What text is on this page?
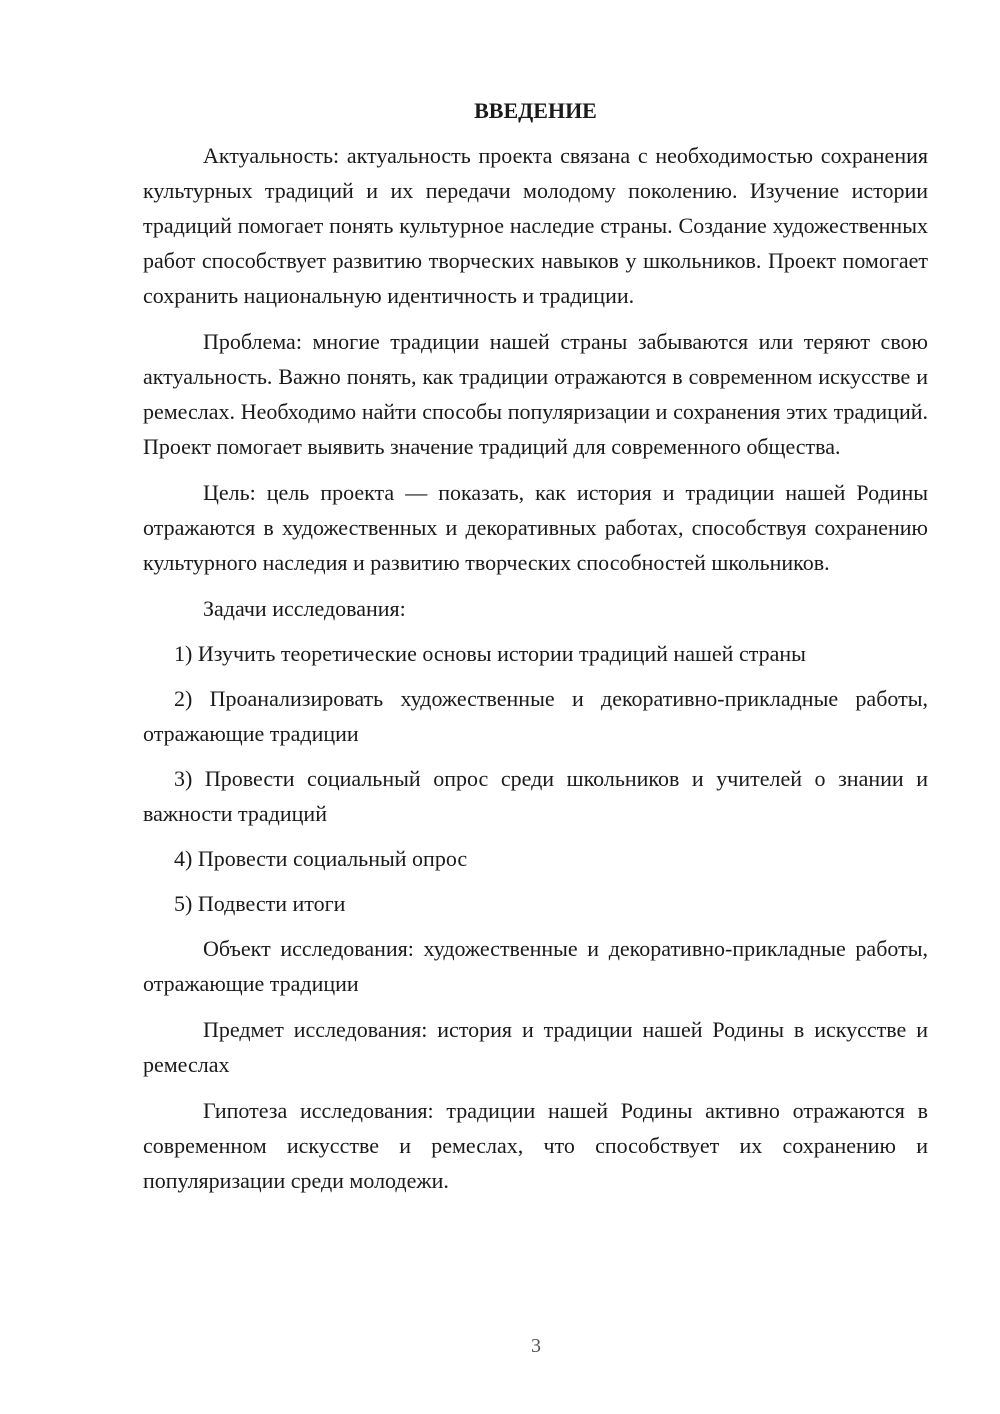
ВВЕДЕНИЕ

Актуальность: актуальность проекта связана с необходимостью сохранения культурных традиций и их передачи молодому поколению. Изучение истории традиций помогает понять культурное наследие страны. Создание художественных работ способствует развитию творческих навыков у школьников. Проект помогает сохранить национальную идентичность и традиции.

Проблема: многие традиции нашей страны забываются или теряют свою актуальность. Важно понять, как традиции отражаются в современном искусстве и ремеслах. Необходимо найти способы популяризации и сохранения этих традиций. Проект помогает выявить значение традиций для современного общества.

Цель: цель проекта — показать, как история и традиции нашей Родины отражаются в художественных и декоративных работах, способствуя сохранению культурного наследия и развитию творческих способностей школьников.

Задачи исследования:

1) Изучить теоретические основы истории традиций нашей страны

2) Проанализировать художественные и декоративно-прикладные работы, отражающие традиции

3) Провести социальный опрос среди школьников и учителей о знании и важности традиций

4) Провести социальный опрос

5) Подвести итоги

Объект исследования: художественные и декоративно-прикладные работы, отражающие традиции

Предмет исследования: история и традиции нашей Родины в искусстве и ремеслах

Гипотеза исследования: традиции нашей Родины активно отражаются в современном искусстве и ремеслах, что способствует их сохранению и популяризации среди молодежи.

3
